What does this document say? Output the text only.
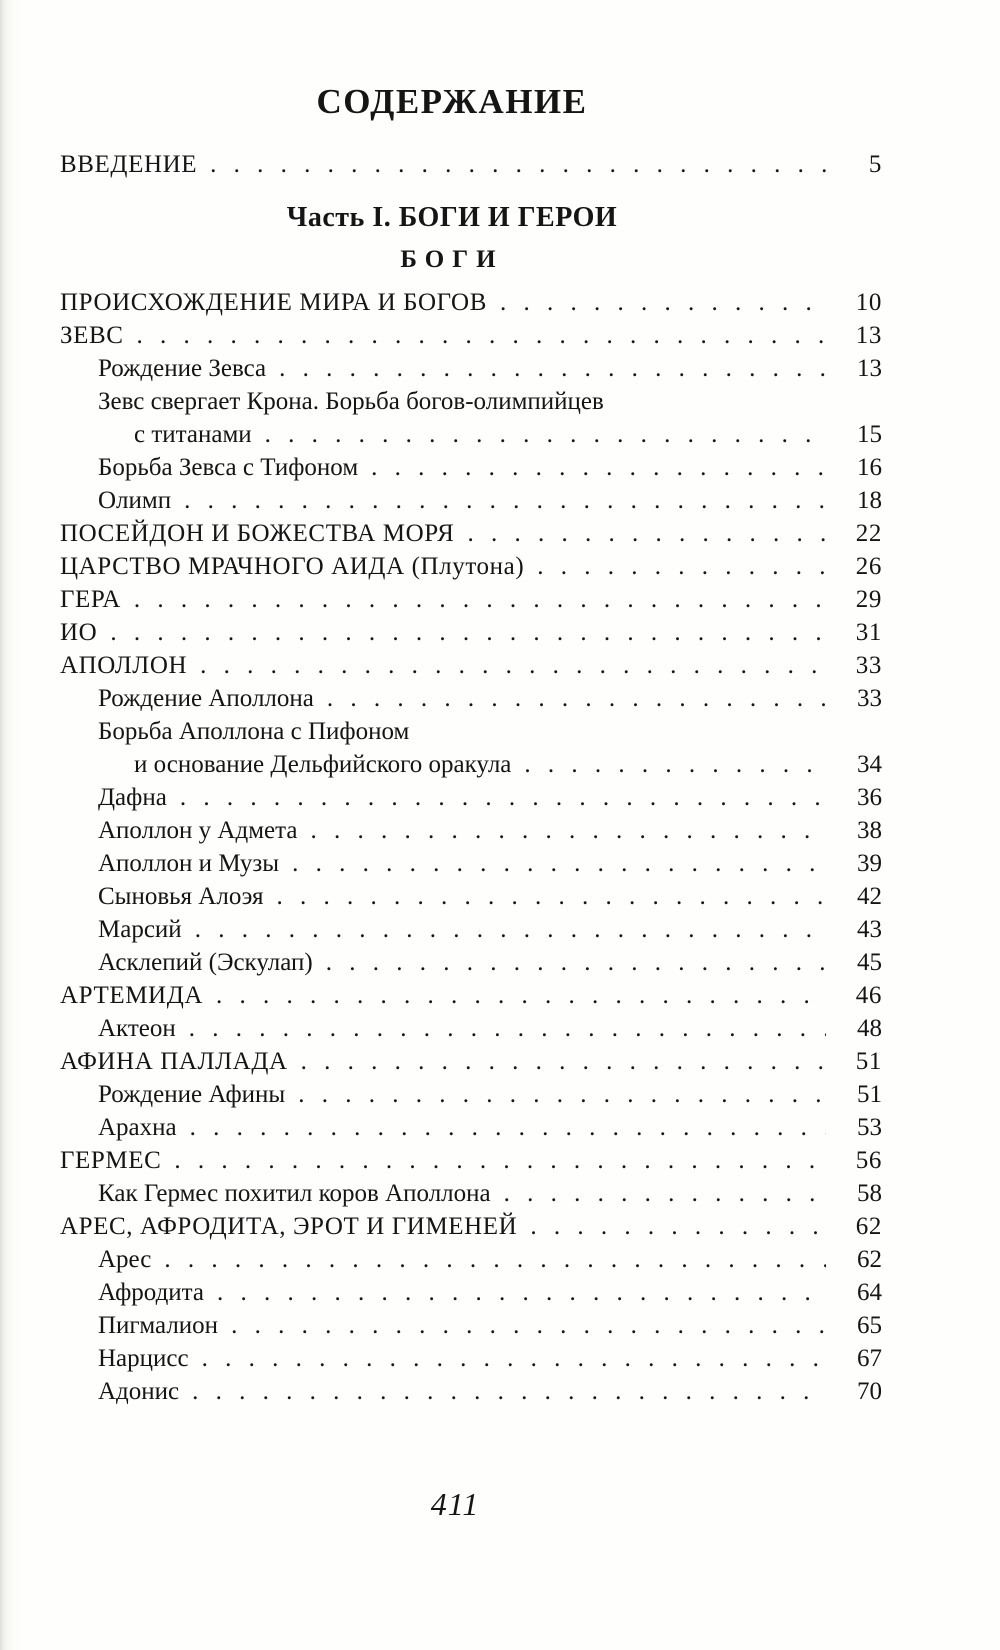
СОДЕРЖАНИЕ
ВВЕДЕНИЕ . . .	5
Часть I. БОГИ И ГЕРОИ
БОГИ
ПРОИСХОЖДЕНИЕ МИРА И БОГОВ . . .	10
ЗЕВС . . .	13
Рождение Зевса . . .	13
Зевс свергает Крона. Борьба богов-олимпийцев
с титанами . . .	15
Борьба Зевса с Тифоном . . .	16
Олимп . . .	18
ПОСЕЙДОН И БОЖЕСТВА МОРЯ . . .	22
ЦАРСТВО МРАЧНОГО АИДА (Плутона) . . .	26
ГЕРА . . .	29
ИО . . .	31
АПОЛЛОН . . .	33
Рождение Аполлона . . .	33
Борьба Аполлона с Пифоном
и основание Дельфийского оракула . . .	34
Дафна . . .	36
Аполлон у Адмета . . .	38
Аполлон и Музы . . .	39
Сыновья Алоэя . . .	42
Марсий . . .	43
Асклепий (Эскулап) . . .	45
АРТЕМИДА . . .	46
Актеон . . .	48
АФИНА ПАЛЛАДА . . .	51
Рождение Афины . . .	51
Арахна . . .	53
ГЕРМЕС . . .	56
Как Гермес похитил коров Аполлона . . .	58
АРЕС, АФРОДИТА, ЭРОТ И ГИМЕНЕЙ . . .	62
Арес . . .	62
Афродита . . .	64
Пигмалион . . .	65
Нарцисс . . .	67
Адонис . . .	70
411
